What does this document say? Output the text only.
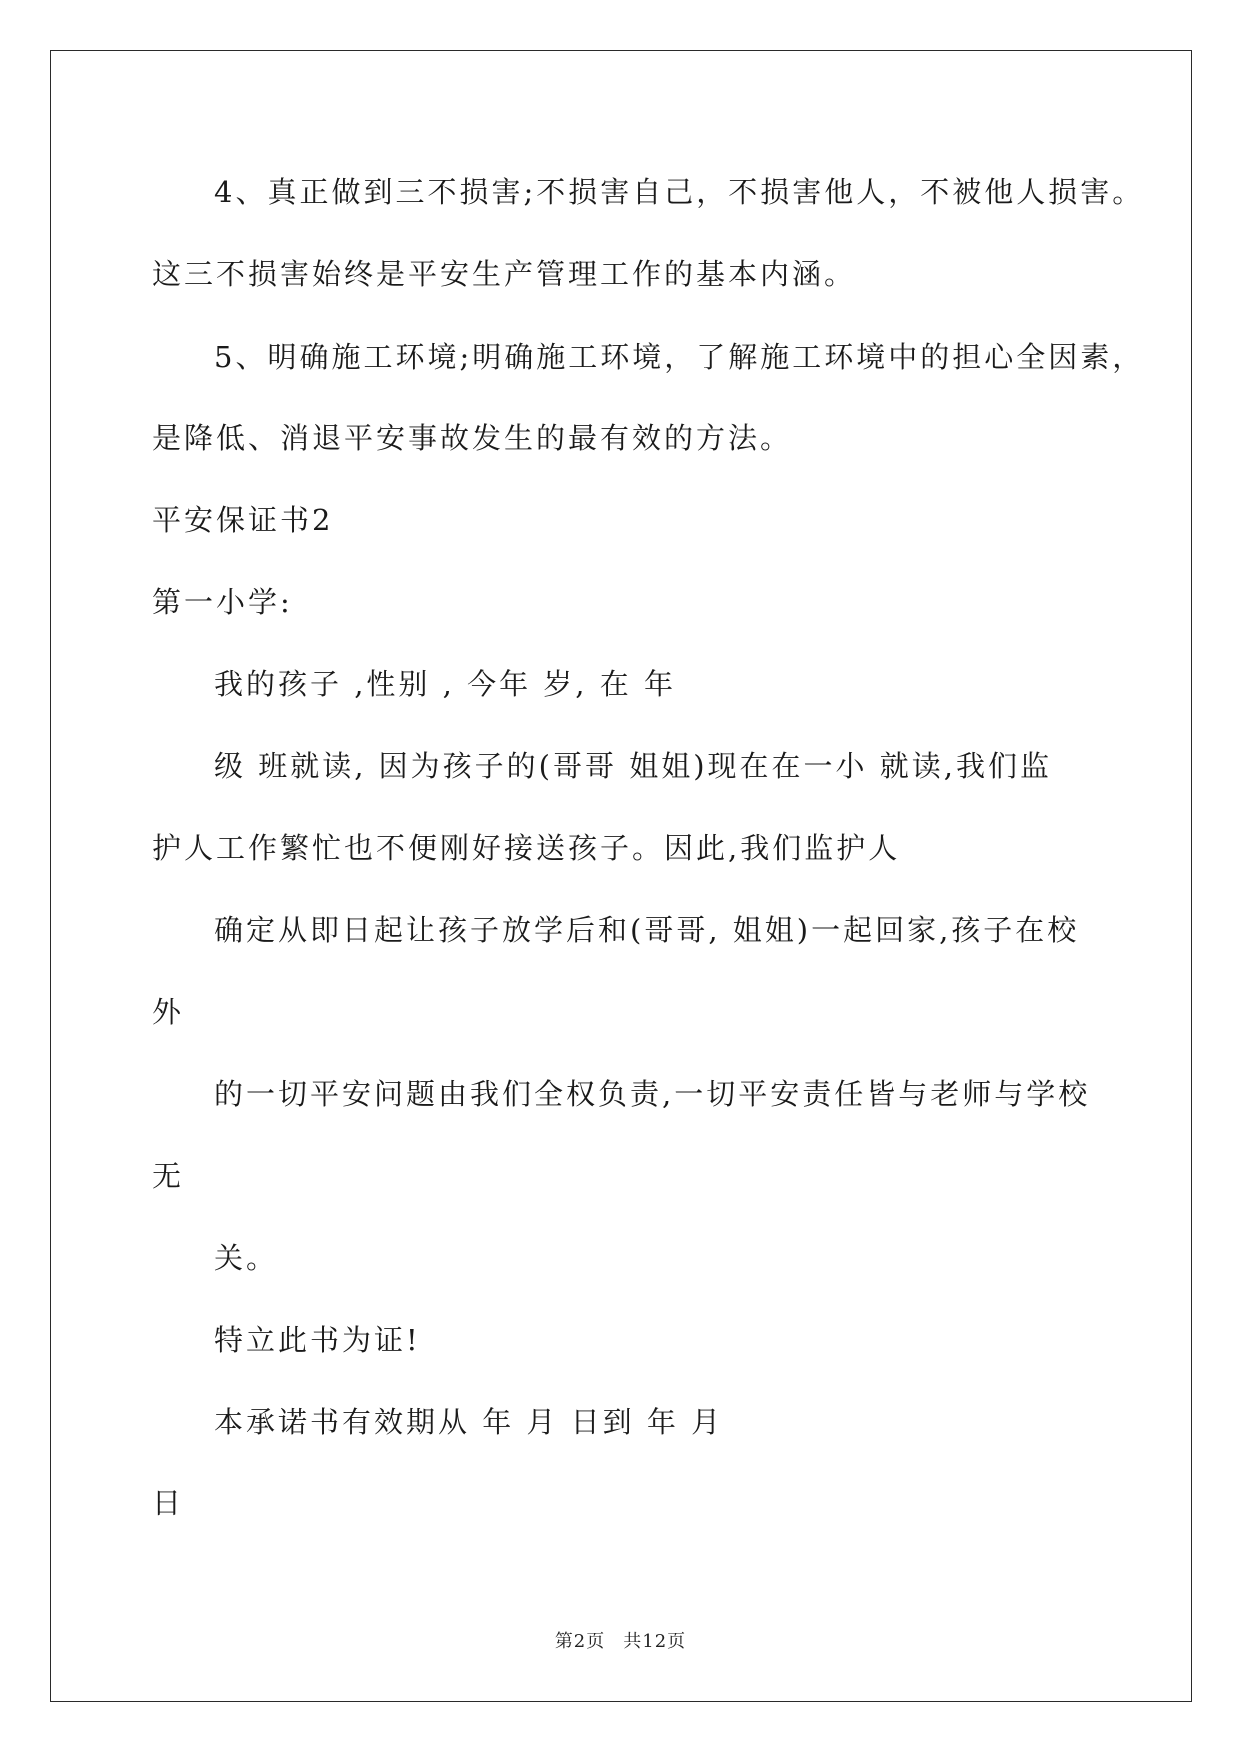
4、真正做到三不损害;不损害自己，不损害他人，不被他人损害。

这三不损害始终是平安生产管理工作的基本内涵。

5、明确施工环境;明确施工环境，了解施工环境中的担心全因素，

是降低、消退平安事故发生的最有效的方法。

平安保证书2

第一小学:

我的孩子 ,性别 , 今年 岁, 在 年

级 班就读, 因为孩子的(哥哥 姐姐)现在在一小 就读,我们监

护人工作繁忙也不便刚好接送孩子。因此,我们监护人

确定从即日起让孩子放学后和(哥哥, 姐姐)一起回家,孩子在校

外

的一切平安问题由我们全权负责,一切平安责任皆与老师与学校

无

关。

特立此书为证!

本承诺书有效期从 年 月 日到 年 月

日

第2页 共12页
